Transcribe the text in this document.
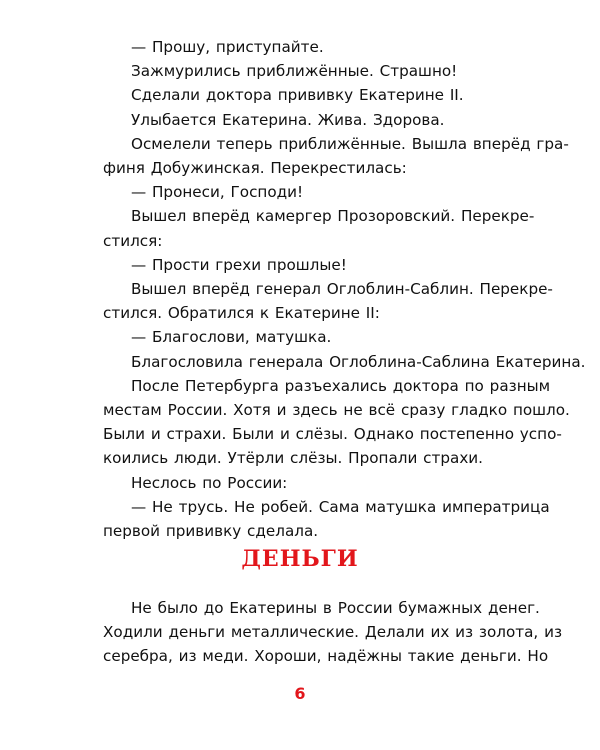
— Прошу, приступайте.
Зажмурились приближённые. Страшно!
Сделали доктора прививку Екатерине II.
Улыбается Екатерина. Жива. Здорова.
Осмелели теперь приближённые. Вышла вперёд гра-
финя Добужинская. Перекрестилась:
— Пронеси, Господи!
Вышел вперёд камергер Прозоровский. Перекре-
стился:
— Прости грехи прошлые!
Вышел вперёд генерал Оглоблин-Саблин. Перекре-
стился. Обратился к Екатерине II:
— Благослови, матушка.
Благословила генерала Оглоблина-Саблина Екатерина.
После Петербурга разъехались доктора по разным
местам России. Хотя и здесь не всё сразу гладко пошло.
Были и страхи. Были и слёзы. Однако постепенно успо-
коились люди. Утёрли слёзы. Пропали страхи.
Неслось по России:
— Не трусь. Не робей. Сама матушка императрица
первой прививку сделала.
ДЕНЬГИ
Не было до Екатерины в России бумажных денег.
Ходили деньги металлические. Делали их из золота, из
серебра, из меди. Хороши, надёжны такие деньги. Но
6
